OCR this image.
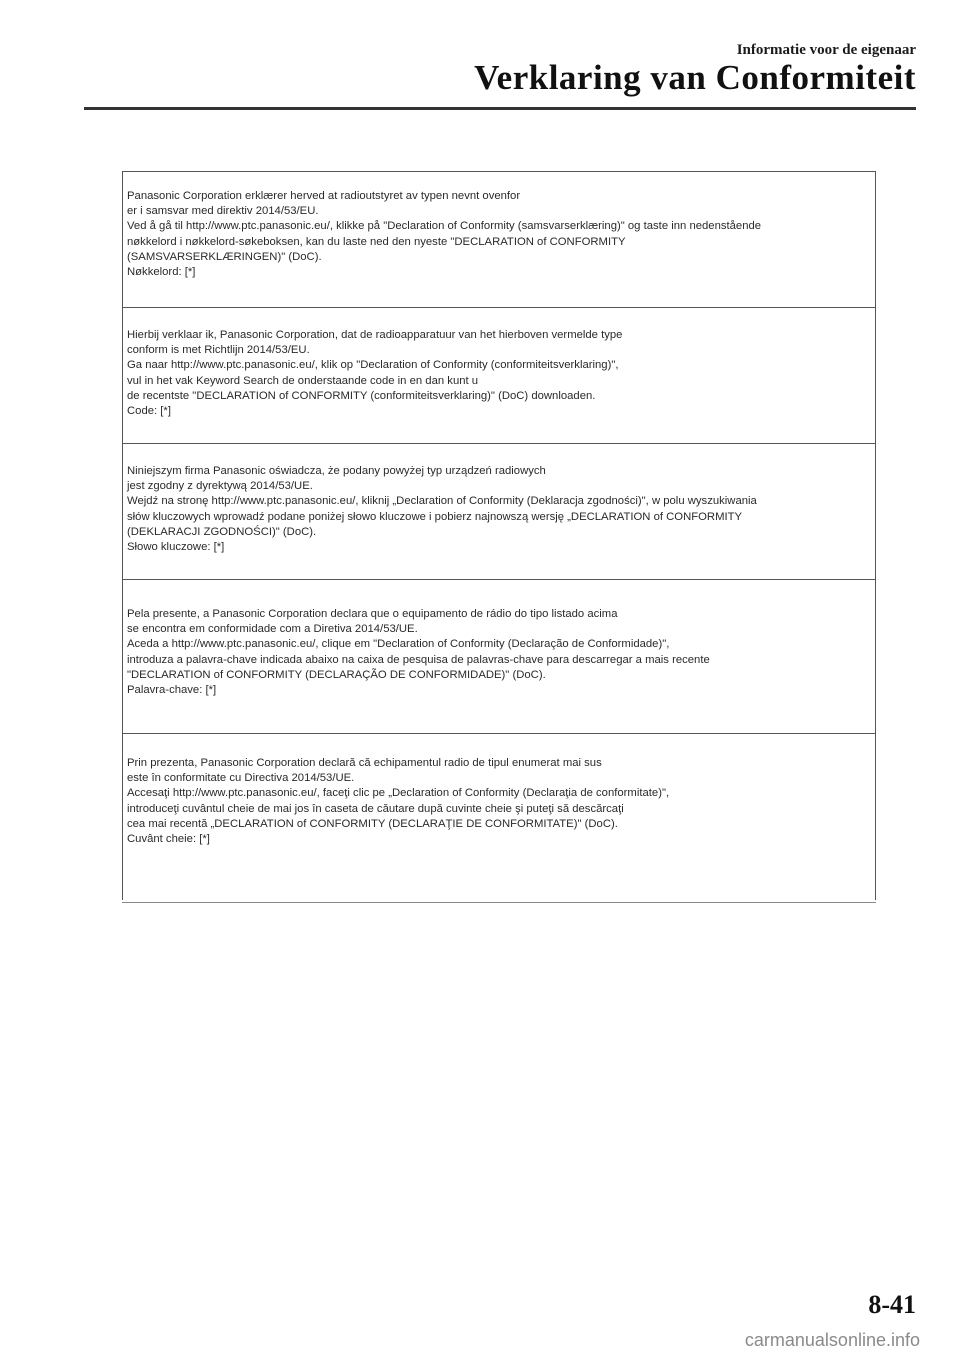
Informatie voor de eigenaar
Verklaring van Conformiteit
Panasonic Corporation erklærer herved at radioutstyret av typen nevnt ovenfor
er i samsvar med direktiv 2014/53/EU.
Ved å gå til http://www.ptc.panasonic.eu/, klikke på "Declaration of Conformity (samsvarserklæring)" og taste inn nedenstående
nøkkelord i nøkkelord-søkeboksen, kan du laste ned den nyeste "DECLARATION of CONFORMITY
(SAMSVARSERKLÆRINGEN)" (DoC).
Nøkkelord: [*]
Hierbij verklaar ik, Panasonic Corporation, dat de radioapparatuur van het hierboven vermelde type
conform is met Richtlijn 2014/53/EU.
Ga naar http://www.ptc.panasonic.eu/, klik op "Declaration of Conformity (conformiteitsverklaring)",
vul in het vak Keyword Search de onderstaande code in en dan kunt u
de recentste "DECLARATION of CONFORMITY (conformiteitsverklaring)" (DoC) downloaden.
Code: [*]
Niniejszym firma Panasonic oświadcza, że podany powyżej typ urządzeń radiowych
jest zgodny z dyrektywą 2014/53/UE.
Wejdź na stronę http://www.ptc.panasonic.eu/, kliknij „Declaration of Conformity (Deklaracja zgodności)", w polu wyszukiwania
słów kluczowych wprowadź podane poniżej słowo kluczowe i pobierz najnowszą wersję „DECLARATION of CONFORMITY
(DEKLARACJI ZGODNOŚCI)" (DoC).
Słowo kluczowe: [*]
Pela presente, a Panasonic Corporation declara que o equipamento de rádio do tipo listado acima
se encontra em conformidade com a Diretiva 2014/53/UE.
Aceda a http://www.ptc.panasonic.eu/, clique em "Declaration of Conformity (Declaração de Conformidade)",
introduza a palavra-chave indicada abaixo na caixa de pesquisa de palavras-chave para descarregar a mais recente
"DECLARATION of CONFORMITY (DECLARAÇÃO DE CONFORMIDADE)" (DoC).
Palavra-chave: [*]
Prin prezenta, Panasonic Corporation declară că echipamentul radio de tipul enumerat mai sus
este în conformitate cu Directiva 2014/53/UE.
Accesaţi http://www.ptc.panasonic.eu/, faceţi clic pe „Declaration of Conformity (Declaraţia de conformitate)",
introduceţi cuvântul cheie de mai jos în caseta de căutare după cuvinte cheie şi puteţi să descărcaţi
cea mai recentă „DECLARATION of CONFORMITY (DECLARAŢIE DE CONFORMITATE)" (DoC).
Cuvânt cheie: [*]
8-41
carmanualsonline.info
